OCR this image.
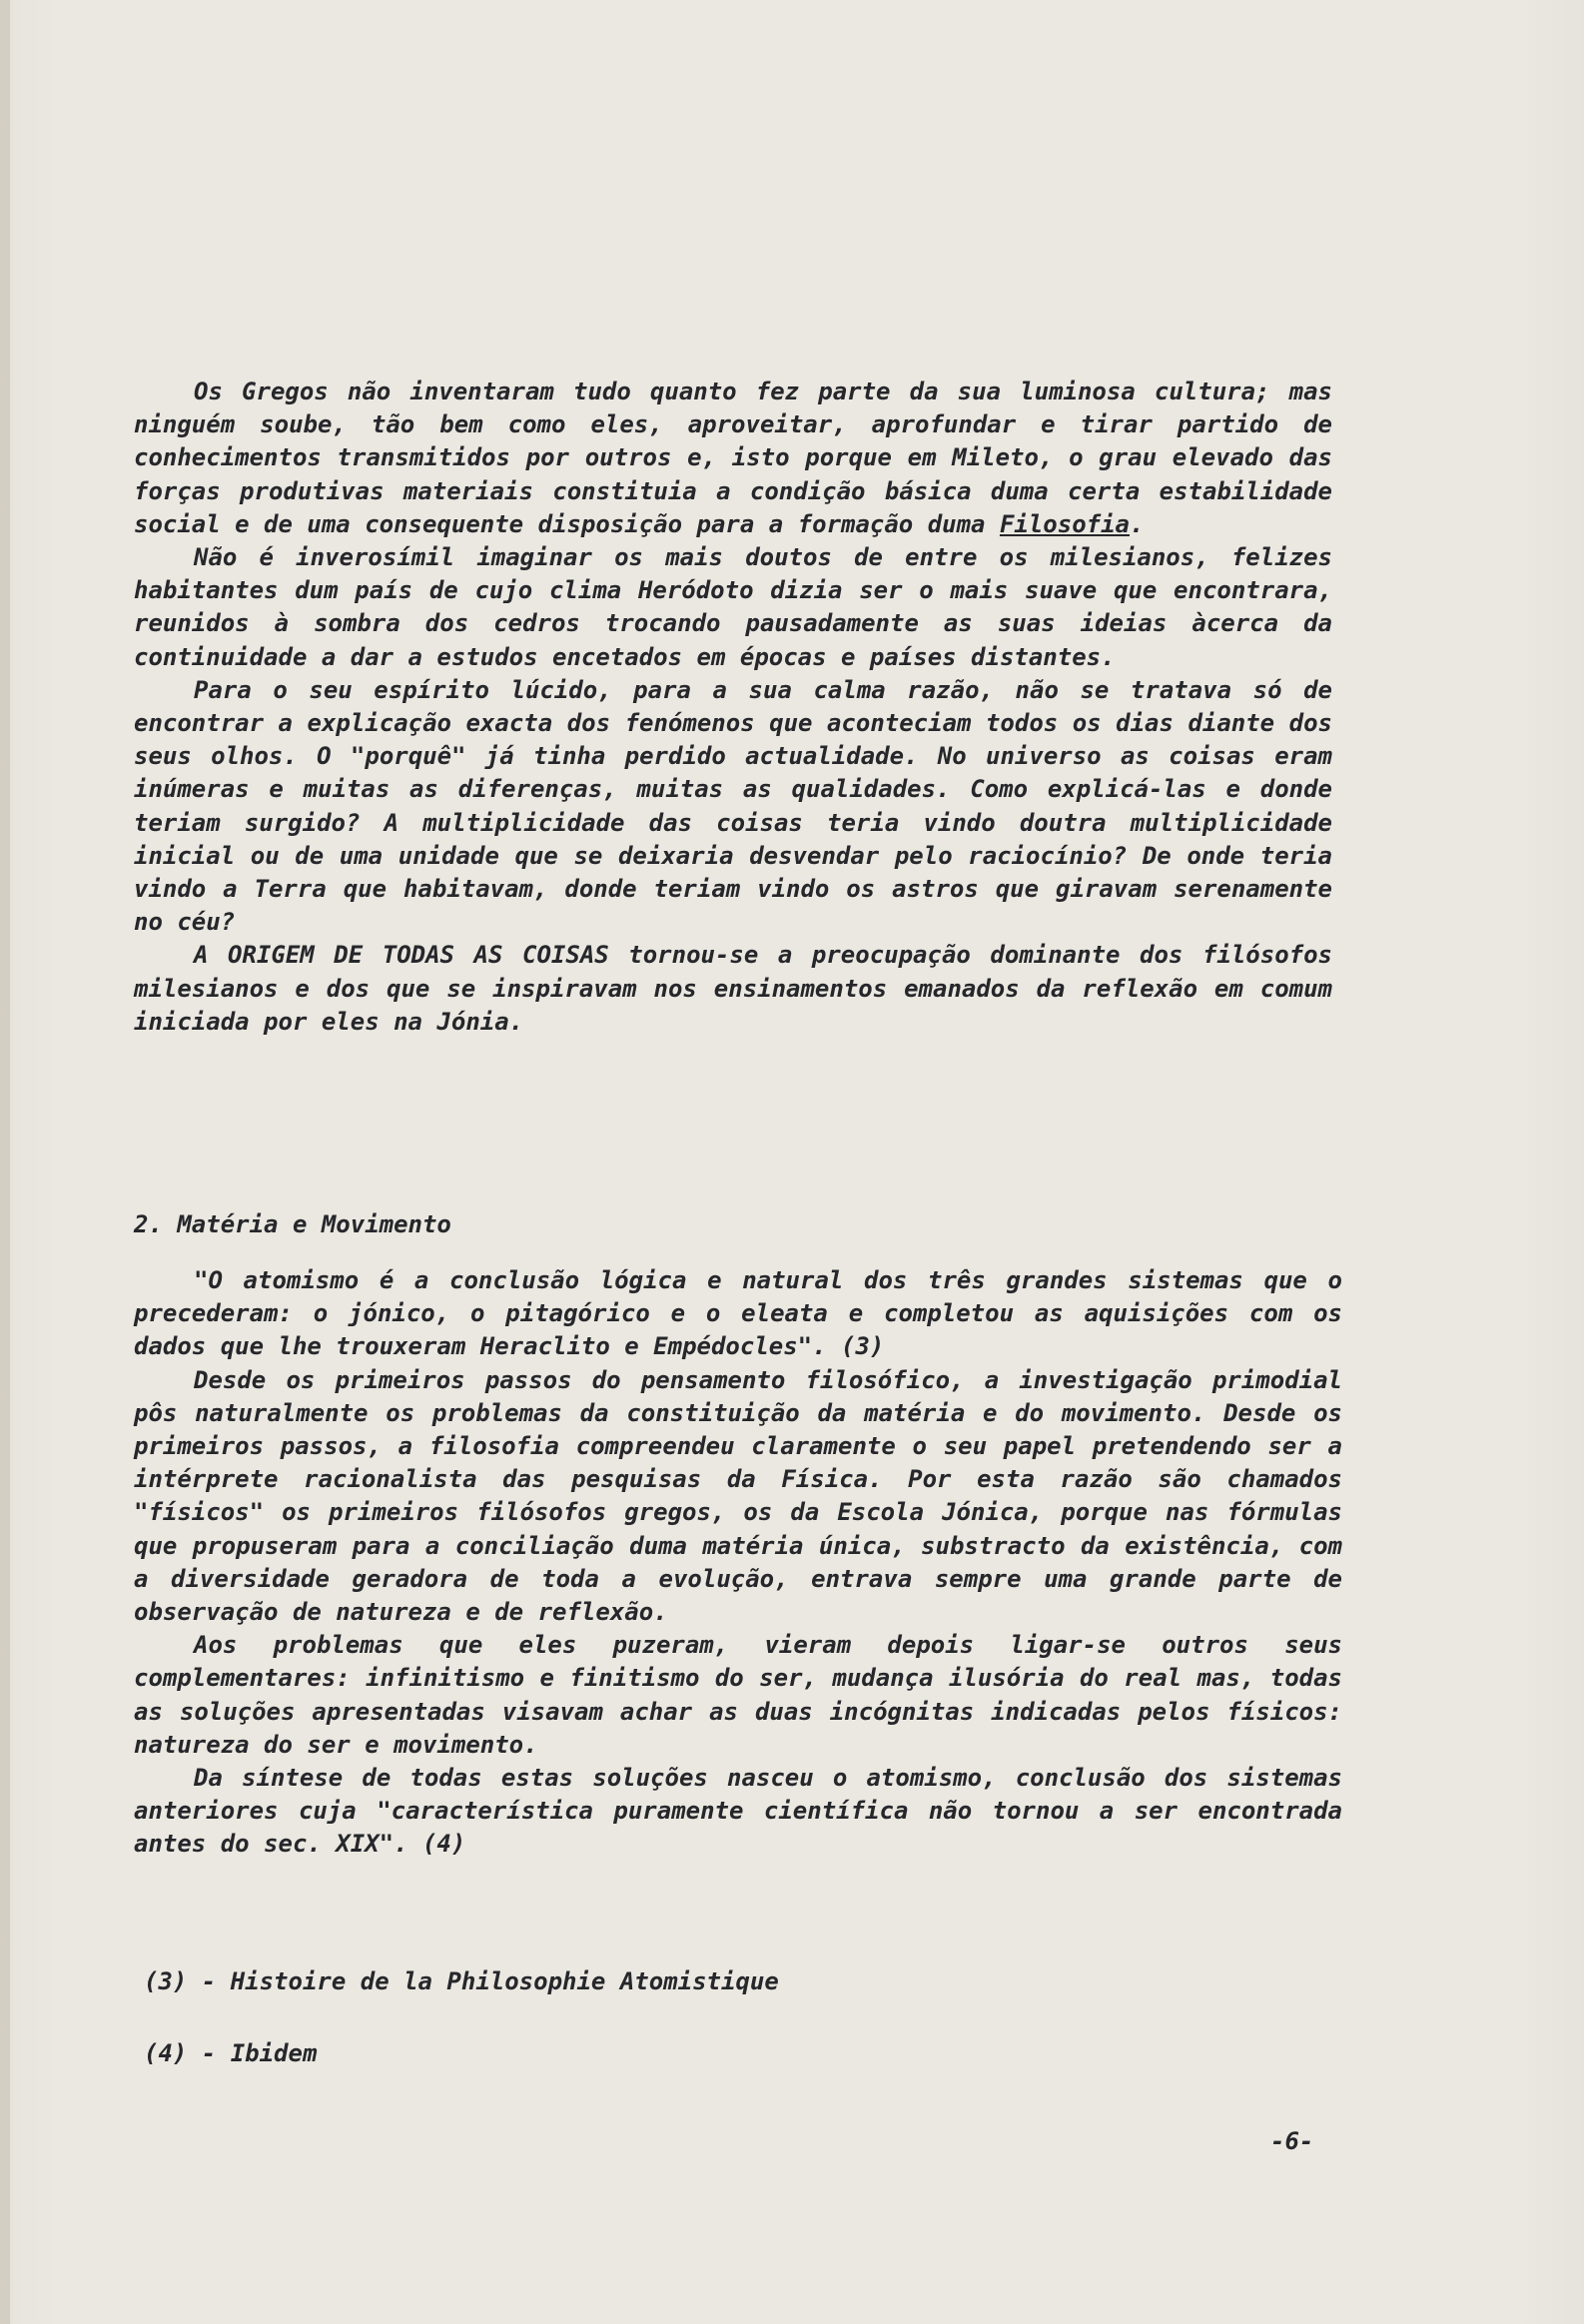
Os Gregos não inventaram tudo quanto fez parte da sua luminosa cultura; mas ninguém soube, tão bem como eles, aproveitar, aprofundar e tirar partido de conhecimentos transmitidos por outros e, isto porque em Mileto, o grau elevado das forças produtivas materiais constituia a condição básica duma certa estabilidade social e de uma consequente disposição para a formação duma Filosofia.

Não é inverosímil imaginar os mais doutos de entre os milesianos, felizes habitantes dum país de cujo clima Heródoto dizia ser o mais suave que encontrara, reunidos à sombra dos cedros trocando pausadamente as suas ideias àcerca da continuidade a dar a estudos encetados em épocas e países distantes.

Para o seu espírito lúcido, para a sua calma razão, não se tratava só de encontrar a explicação exacta dos fenómenos que aconteciam todos os dias diante dos seus olhos. O "porquê" já tinha perdido actualidade. No universo as coisas eram inúmeras e muitas as diferenças, muitas as qualidades. Como explicá-las e donde teriam surgido? A multiplicidade das coisas teria vindo doutra multiplicidade inicial ou de uma unidade que se deixaria desvendar pelo raciocínio? De onde teria vindo a Terra que habitavam, donde teriam vindo os astros que giravam serenamente no céu?

A ORIGEM DE TODAS AS COISAS tornou-se a preocupação dominante dos filósofos milesianos e dos que se inspiravam nos ensinamentos emanados da reflexão em comum iniciada por eles na Jónia.

2. Matéria e Movimento

"O atomismo é a conclusão lógica e natural dos três grandes sistemas que o precederam: o jónico, o pitagórico e o eleata e completou as aquisições com os dados que lhe trouxeram Heraclito e Empédocles". (3)

Desde os primeiros passos do pensamento filosófico, a investigação primodial pôs naturalmente os problemas da constituição da matéria e do movimento. Desde os primeiros passos, a filosofia compreendeu claramente o seu papel pretendendo ser a intérprete racionalista das pesquisas da Física. Por esta razão são chamados "físicos" os primeiros filósofos gregos, os da Escola Jónica, porque nas fórmulas que propuseram para a conciliação duma matéria única, substracto da existência, com a diversidade geradora de toda a evolução, entrava sempre uma grande parte de observação de natureza e de reflexão.

Aos problemas que eles puzeram, vieram depois ligar-se outros seus complementares: infinitismo e finitismo do ser, mudança ilusória do real mas, todas as soluções apresentadas visavam achar as duas incógnitas indicadas pelos físicos: natureza do ser e movimento.

Da síntese de todas estas soluções nasceu o atomismo, conclusão dos sistemas anteriores cuja "característica puramente científica não tornou a ser encontrada antes do sec. XIX". (4)

(3) - Histoire de la Philosophie Atomistique
(4) - Ibidem
-6-
